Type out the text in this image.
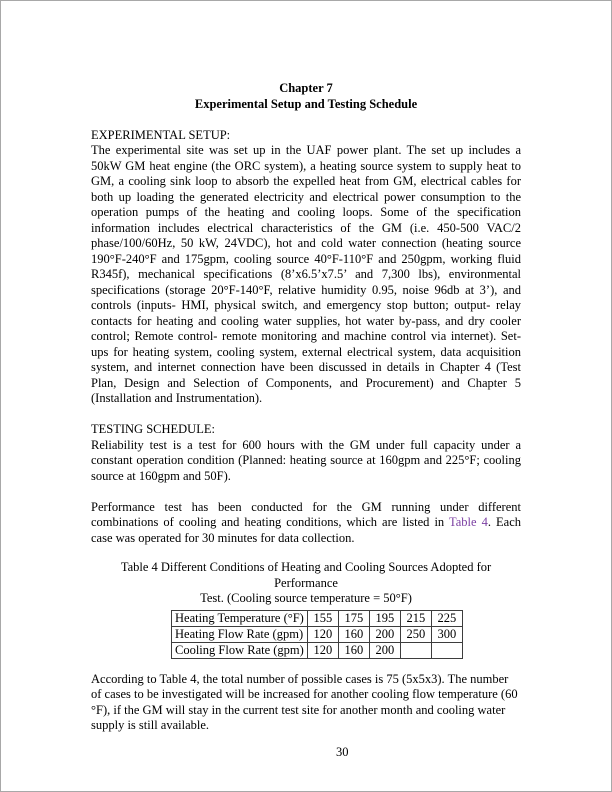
Chapter 7
Experimental Setup and Testing Schedule
EXPERIMENTAL SETUP:

The experimental site was set up in the UAF power plant. The set up includes a 50kW GM heat engine (the ORC system), a heating source system to supply heat to GM, a cooling sink loop to absorb the expelled heat from GM, electrical cables for both up loading the generated electricity and electrical power consumption to the operation pumps of the heating and cooling loops. Some of the specification information includes electrical characteristics of the GM (i.e. 450-500 VAC/2 phase/100/60Hz, 50 kW, 24VDC), hot and cold water connection (heating source 190°F-240°F and 175gpm, cooling source 40°F-110°F and 250gpm, working fluid R345f), mechanical specifications (8’x6.5’x7.5’ and 7,300 lbs), environmental specifications (storage 20°F-140°F, relative humidity 0.95, noise 96db at 3’), and controls (inputs- HMI, physical switch, and emergency stop button; output- relay contacts for heating and cooling water supplies, hot water by-pass, and dry cooler control; Remote control- remote monitoring and machine control via internet). Set-ups for heating system, cooling system, external electrical system, data acquisition system, and internet connection have been discussed in details in Chapter 4 (Test Plan, Design and Selection of Components, and Procurement) and Chapter 5 (Installation and Instrumentation).

TESTING SCHEDULE:

Reliability test is a test for 600 hours with the GM under full capacity under a constant operation condition (Planned: heating source at 160gpm and 225°F; cooling source at 160gpm and 50F).

Performance test has been conducted for the GM running under different combinations of cooling and heating conditions, which are listed in Table 4. Each case was operated for 30 minutes for data collection.

Table 4 Different Conditions of Heating and Cooling Sources Adopted for Performance
Test. (Cooling source temperature = 50°F)
Heating Temperature (°F)	155	175	195	215	225
Heating Flow Rate (gpm)	120	160	200	250	300
Cooling Flow Rate (gpm)	120	160	200		

According to Table 4, the total number of possible cases is 75 (5x5x3). The number of cases to be investigated will be increased for another cooling flow temperature (60 °F), if the GM will stay in the current test site for another month and cooling water supply is still available.

30
